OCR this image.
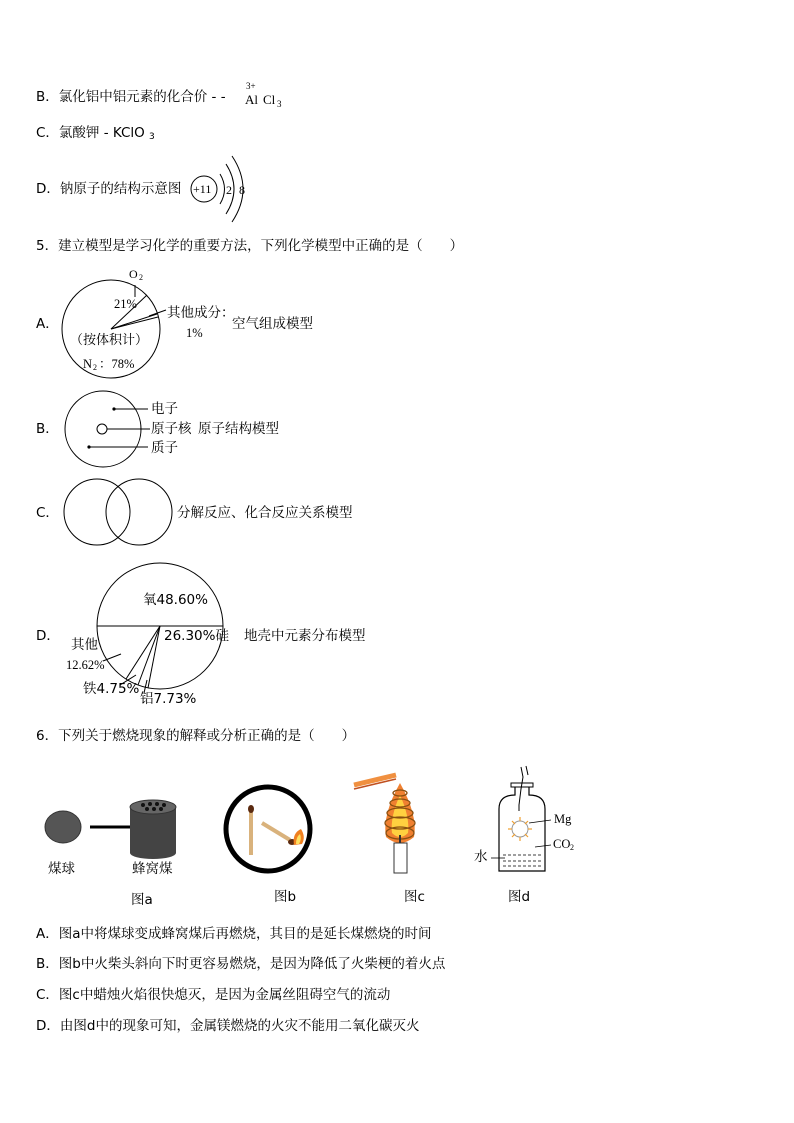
B．氯化铝中铝元素的化合价 - -
3+
Al Cl 3
C．氯酸钾 - KClO 3
D．钠原子的结构示意图 +11 2 8
5．建立模型是学习化学的重要方法，下列化学模型中正确的是（　　）
A．
O 2
21%
其他成分：
1%
（按体积计）
N 2 ：78%
空气组成模型
B．
电子
原子核 原子结构模型
质子
C．	分解反应、化合反应关系模型
D．
氧48.60%
26.30%硅
其他
12.62%
铁4.75%
铝7.73%
地壳中元素分布模型
6．下列关于燃烧现象的解释或分析正确的是（　　）
煤球	蜂窝煤
图a	图b	图c
Mg
CO 2
水
图d
A．图a中将煤球变成蜂窝煤后再燃烧，其目的是延长煤燃烧的时间
B．图b中火柴头斜向下时更容易燃烧，是因为降低了火柴梗的着火点
C．图c中蜡烛火焰很快熄灭，是因为金属丝阻碍空气的流动
D．由图d中的现象可知，金属镁燃烧的火灾不能用二氧化碳灭火
